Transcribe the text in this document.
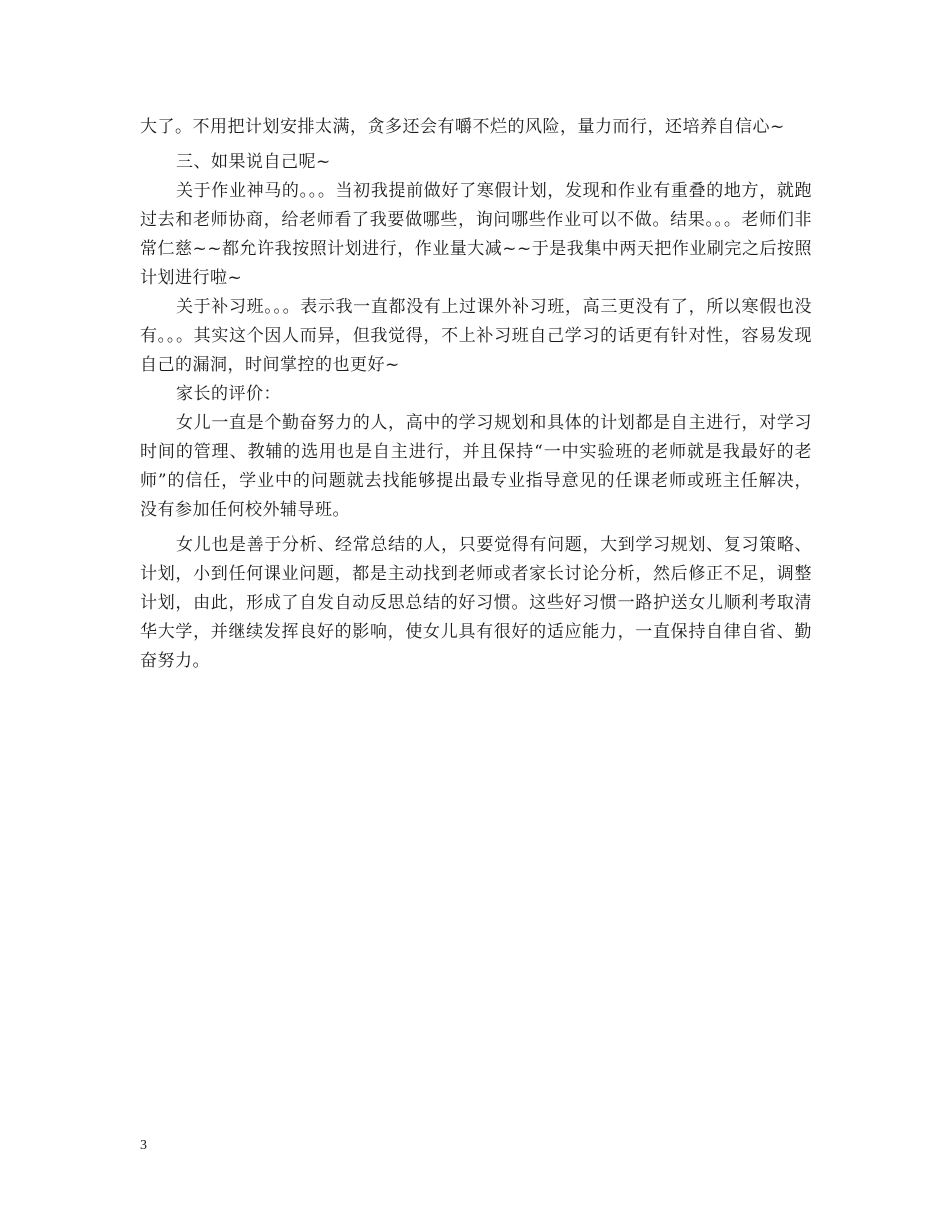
大了。不用把计划安排太满，贪多还会有嚼不烂的风险，量力而行，还培养自信心~

三、如果说自己呢~

关于作业神马的。。。当初我提前做好了寒假计划，发现和作业有重叠的地方，就跑过去和老师协商，给老师看了我要做哪些，询问哪些作业可以不做。结果。。。老师们非常仁慈~~都允许我按照计划进行，作业量大减~~于是我集中两天把作业刷完之后按照计划进行啦~

关于补习班。。。表示我一直都没有上过课外补习班，高三更没有了，所以寒假也没有。。。其实这个因人而异，但我觉得，不上补习班自己学习的话更有针对性，容易发现自己的漏洞，时间掌控的也更好~

家长的评价：

女儿一直是个勤奋努力的人，高中的学习规划和具体的计划都是自主进行，对学习时间的管理、教辅的选用也是自主进行，并且保持“一中实验班的老师就是我最好的老师”的信任，学业中的问题就去找能够提出最专业指导意见的任课老师或班主任解决，没有参加任何校外辅导班。

女儿也是善于分析、经常总结的人，只要觉得有问题，大到学习规划、复习策略、计划，小到任何课业问题，都是主动找到老师或者家长讨论分析，然后修正不足，调整计划，由此，形成了自发自动反思总结的好习惯。这些好习惯一路护送女儿顺利考取清华大学，并继续发挥良好的影响，使女儿具有很好的适应能力，一直保持自律自省、勤奋努力。

3
